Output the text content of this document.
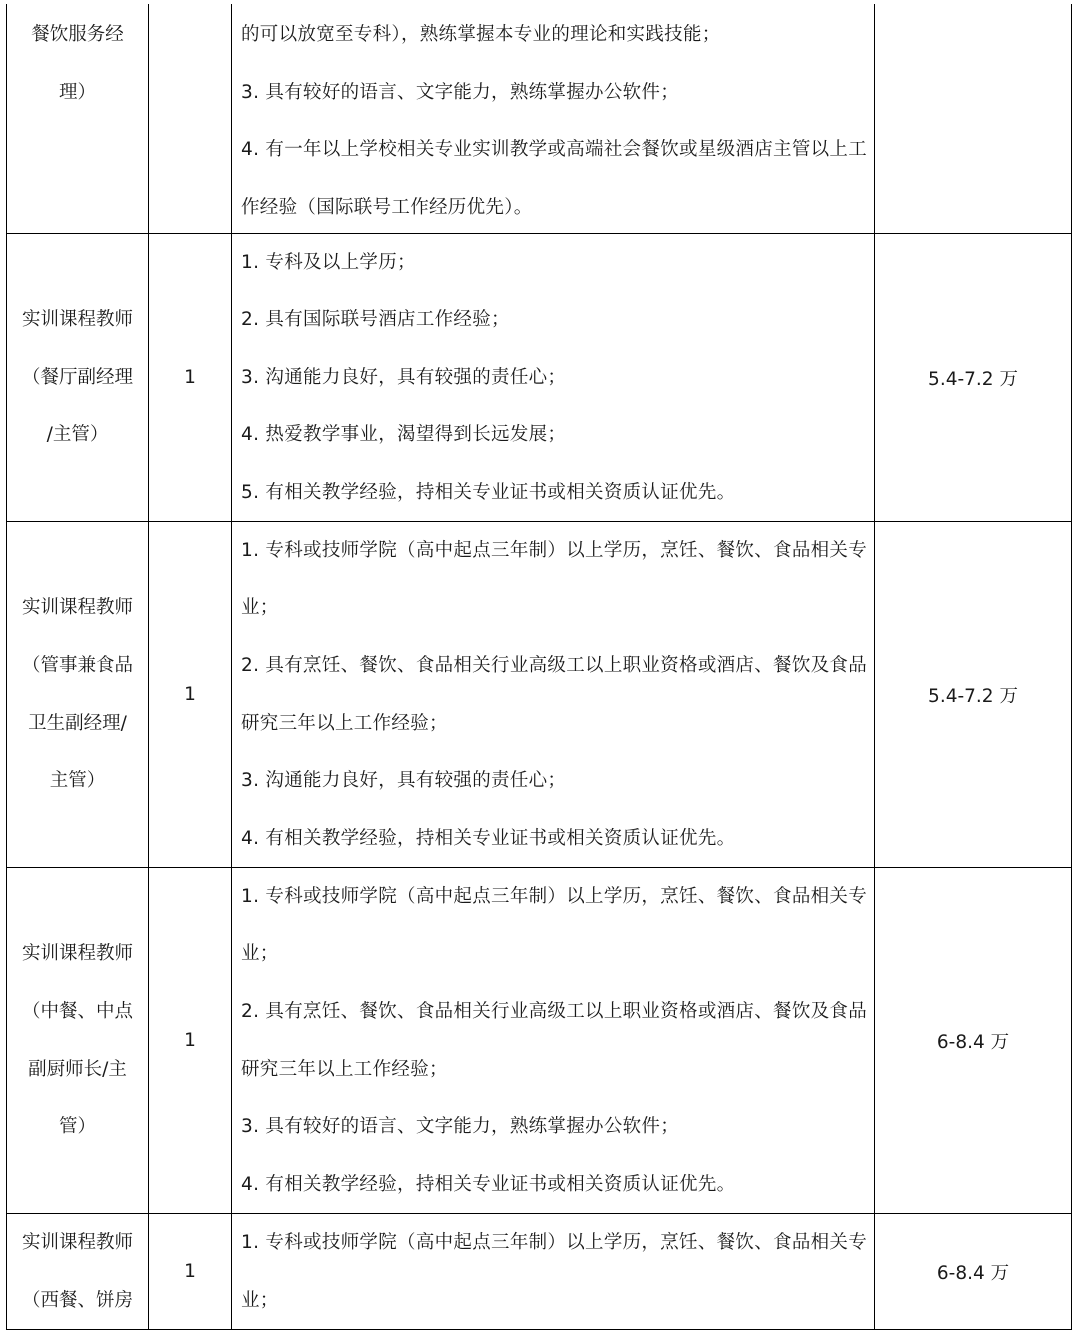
餐饮服务经
理）
的可以放宽至专科），熟练掌握本专业的理论和实践技能；
3. 具有较好的语言、文字能力，熟练掌握办公软件；
4. 有一年以上学校相关专业实训教学或高端社会餐饮或星级酒店主管以上工
作经验（国际联号工作经历优先）。
实训课程教师
（餐厅副经理
/主管）
1
1. 专科及以上学历；
2. 具有国际联号酒店工作经验；
3. 沟通能力良好，具有较强的责任心；
4. 热爱教学事业，渴望得到长远发展；
5. 有相关教学经验，持相关专业证书或相关资质认证优先。
5.4-7.2 万
实训课程教师
（管事兼食品
卫生副经理/
主管）
1
1. 专科或技师学院（高中起点三年制）以上学历，烹饪、餐饮、食品相关专
业；
2. 具有烹饪、餐饮、食品相关行业高级工以上职业资格或酒店、餐饮及食品
研究三年以上工作经验；
3. 沟通能力良好，具有较强的责任心；
4. 有相关教学经验，持相关专业证书或相关资质认证优先。
5.4-7.2 万
实训课程教师
（中餐、中点
副厨师长/主
管）
1
1. 专科或技师学院（高中起点三年制）以上学历，烹饪、餐饮、食品相关专
业；
2. 具有烹饪、餐饮、食品相关行业高级工以上职业资格或酒店、餐饮及食品
研究三年以上工作经验；
3. 具有较好的语言、文字能力，熟练掌握办公软件；
4. 有相关教学经验，持相关专业证书或相关资质认证优先。
6-8.4 万
实训课程教师
（西餐、饼房
1
1. 专科或技师学院（高中起点三年制）以上学历，烹饪、餐饮、食品相关专
业；
6-8.4 万
